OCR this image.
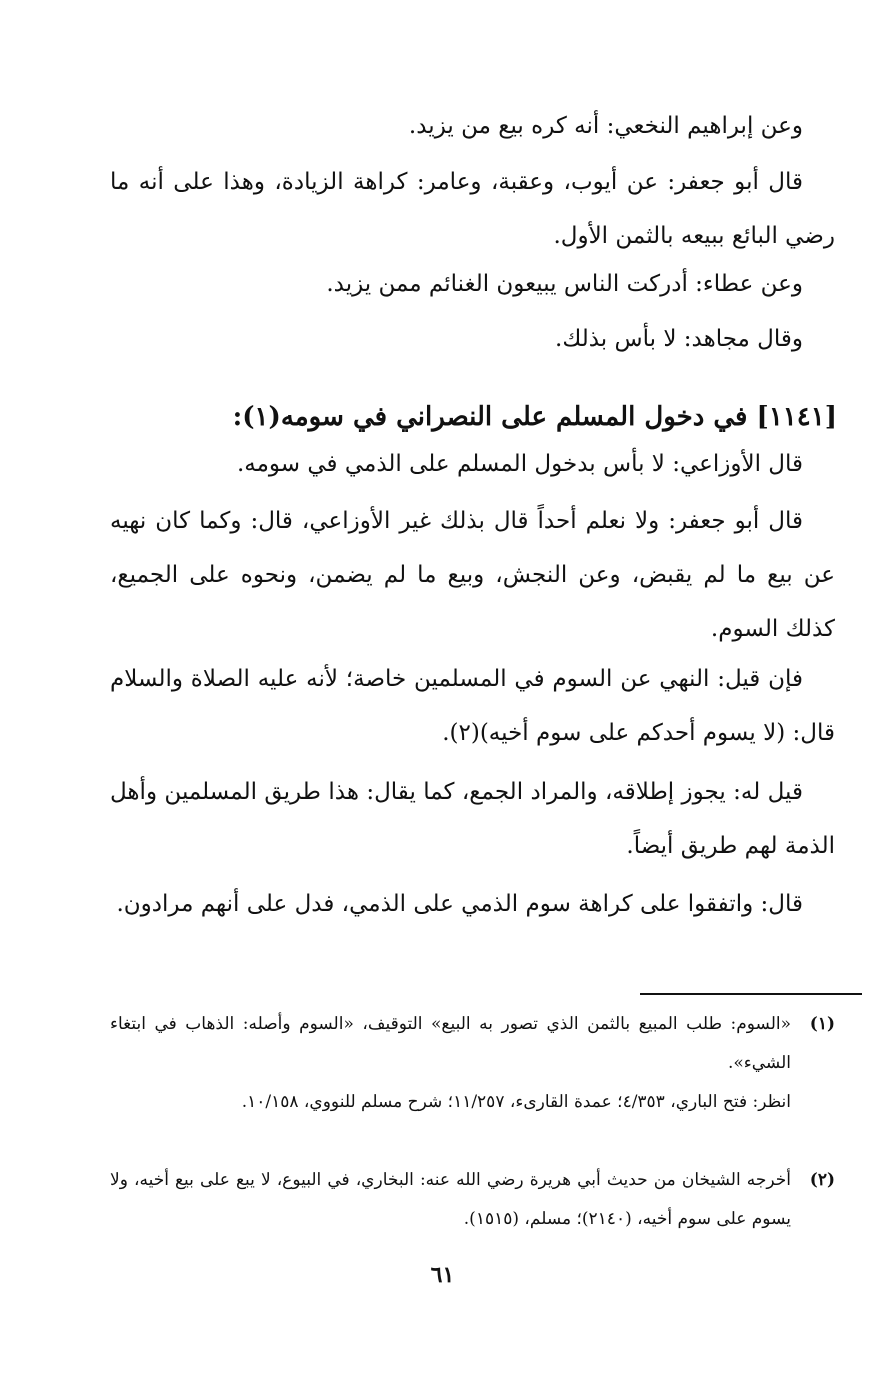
وعن إبراهيم النخعي: أنه كره بيع من يزيد.

قال أبو جعفر: عن أيوب، وعقبة، وعامر: كراهة الزيادة، وهذا على أنه ما رضي البائع ببيعه بالثمن الأول.

وعن عطاء: أدركت الناس يبيعون الغنائم ممن يزيد.

وقال مجاهد: لا بأس بذلك.

[١١٤١] في دخول المسلم على النصراني في سومه(١):

قال الأوزاعي: لا بأس بدخول المسلم على الذمي في سومه.

قال أبو جعفر: ولا نعلم أحداً قال بذلك غير الأوزاعي، قال: وكما كان نهيه عن بيع ما لم يقبض، وعن النجش، وبيع ما لم يضمن، ونحوه على الجميع، كذلك السوم.

فإن قيل: النهي عن السوم في المسلمين خاصة؛ لأنه عليه الصلاة والسلام قال: (لا يسوم أحدكم على سوم أخيه)(٢).

قيل له: يجوز إطلاقه، والمراد الجمع، كما يقال: هذا طريق المسلمين وأهل الذمة لهم طريق أيضاً.

قال: واتفقوا على كراهة سوم الذمي على الذمي، فدل على أنهم مرادون.

(١)
«السوم: طلب المبيع بالثمن الذي تصور به البيع» التوقيف، «السوم وأصله: الذهاب في ابتغاء الشيء».
انظر: فتح الباري، ٤/٣٥٣؛ عمدة القارىء، ١١/٢٥٧؛ شرح مسلم للنووي، ١٠/١٥٨.
(٢)
أخرجه الشيخان من حديث أبي هريرة رضي الله عنه: البخاري، في البيوع، لا يبع على بيع أخيه، ولا يسوم على سوم أخيه، (٢١٤٠)؛ مسلم، (١٥١٥).
٦١
